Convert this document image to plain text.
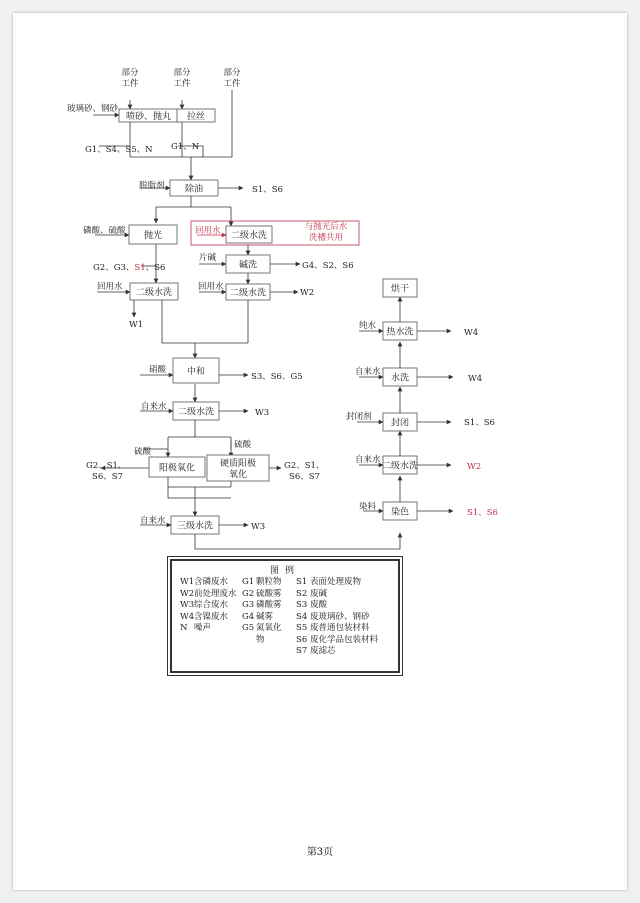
部分工件
部分工件
部分工件
喷砂、抛丸 拉丝
除油
抛光	二级水洗
碱洗
二级水洗	二级水洗
中和
二级水洗
阳极氧化	硬质阳极氧化
三级水洗
染色
二级水洗
封闭
水洗
热水洗
烘干
玻璃砂、钢砂
G1、S4、S5、N G1、N
脱脂剂	S1、S6
磷酸、硫酸	回用水	与抛光后水洗槽共用
片碱
G2、G3、S1、S6	G4、S2、S6
回用水	回用水
W1
W2
硝酸
S3、S6、G5
自来水
W3
硫酸
硫酸
G2、S1、
S6、S7
G2、S1、
S6、S7
自来水
W3
染料
S1、S6
自来水
W2
封闭剂
S1、S6
自来水
W4
纯水
W4
图例
W1含磷废水
W2前处理废水
W3综合废水
W4含镍废水
N 噪声
G1 颗粒物
G2 硫酸雾
G3 磷酸雾
G4 碱雾
G5 氮氧化
物
S1 表面处理废物
S2 废碱
S3 废酸
S4 废玻璃砂、钢砂
S5 废普通包装材料
S6 废化学品包装材料
S7 废滤芯
第3页
